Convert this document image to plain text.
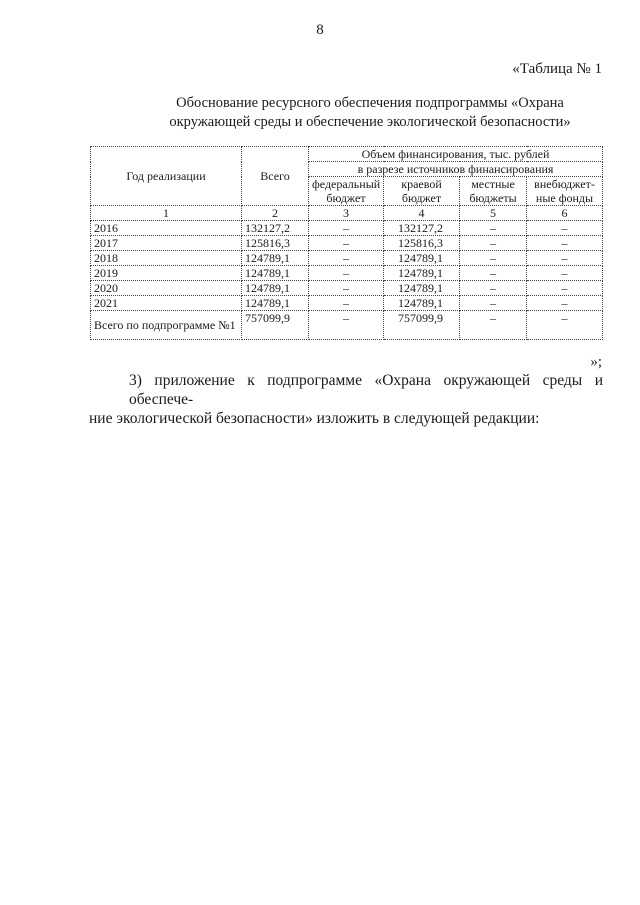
8
«Таблица № 1
Обоснование ресурсного обеспечения подпрограммы «Охрана
окружающей среды и обеспечение экологической безопасности»
Год реализации	Всего	Объем финансирования, тыс. рублей			
		в разрезе источников финансирования			
		федеральный бюджет	краевой бюджет	местные бюджеты	внебюджет-ные фонды
1	2	3	4	5	6
2016	132127,2	–	132127,2	–	–
2017	125816,3	–	125816,3	–	–
2018	124789,1	–	124789,1	–	–
2019	124789,1	–	124789,1	–	–
2020	124789,1	–	124789,1	–	–
2021	124789,1	–	124789,1	–	–
Всего по подпрограмме №1	757099,9	–	757099,9	–	–
»;
3) приложение к подпрограмме «Охрана окружающей среды и обеспече-
ние экологической безопасности» изложить в следующей редакции:
